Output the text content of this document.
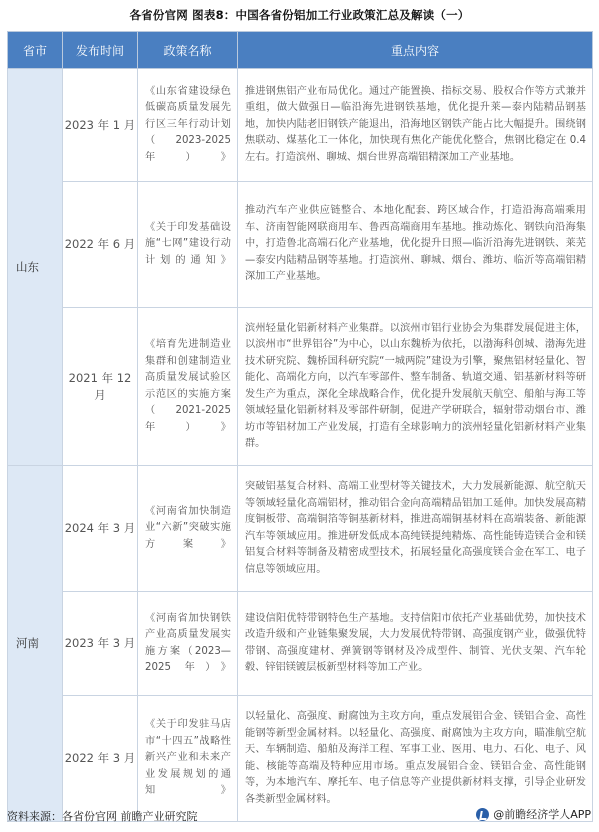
各省份官网 图表8：中国各省份铝加工行业政策汇总及解读（一）
省市	发布时间	政策名称	重点内容
山东	2023 年 1 月	《山东省建设绿色低碳高质量发展先行区三年行动计划（2023-2025 年）》	推进钢焦铝产业布局优化。通过产能置换、指标交易、股权合作等方式兼并重组，做大做强日—临沿海先进钢铁基地，优化提升莱—泰内陆精品钢基地，加快内陆老旧钢铁产能退出，沿海地区钢铁产能占比大幅提升。围绕钢焦联动、煤基化工一体化，加快现有焦化产能优化整合，焦钢比稳定在 0.4 左右。打造滨州、聊城、烟台世界高端铝精深加工产业基地。
	2022 年 6 月	《关于印发基础设施“七网”建设行动计划的通知》	推动汽车产业供应链整合、本地化配套、跨区域合作，打造沿海高端乘用车、济南智能网联商用车、鲁西高端商用车基地。推动炼化、钢铁向沿海集中，打造鲁北高端石化产业基地，优化提升日照—临沂沿海先进钢铁、莱芜—泰安内陆精品钢等基地。打造滨州、聊城、烟台、潍坊、临沂等高端铝精深加工产业基地。
	2021 年 12 月	《培育先进制造业集群和创建制造业高质量发展试验区示范区的实施方案（2021-2025 年）》	滨州轻量化铝新材料产业集群。以滨州市铝行业协会为集群发展促进主体，以滨州市“世界铝谷”为中心，以山东魏桥为依托，以渤海科创城、渤海先进技术研究院、魏桥国科研究院“一城两院”建设为引擎，聚焦铝材轻量化、智能化、高端化方向，以汽车零部件、整车制备、轨道交通、铝基新材料等研发生产为重点，深化全球战略合作，优化提升发展航天航空、船舶与海工等领域轻量化铝新材料及零部件研制，促进产学研联合，辐射带动烟台市、潍坊市等铝材加工产业发展，打造有全球影响力的滨州轻量化铝新材料产业集群。
河南	2024 年 3 月	《河南省加快制造业“六新”突破实施方案》	突破铝基复合材料、高端工业型材等关键技术，大力发展新能源、航空航天等领域轻量化高端铝材，推动铝合金向高端精品铝加工延伸。加快发展高精度铜板带、高端铜箔等铜基新材料，推进高端铜基材料在高端装备、新能源汽车等领域应用。推进研发低成本高纯镁提纯精炼、高性能铸造镁合金和镁铝复合材料等制备及精密成型技术，拓展轻量化高强度镁合金在军工、电子信息等领域应用。
	2023 年 3 月	《河南省加快钢铁产业高质量发展实施方案（2023—2025 年）》	建设信阳优特带钢特色生产基地。支持信阳市依托产业基础优势，加快技术改造升级和产业链集聚发展，大力发展优特带钢、高强度钢产业，做强优特带钢、高强度建材、弹簧钢等钢材及冷成型件、制管、光伏支架、汽车轮毂、锌铝镁镀层板新型材料等加工产业。
	2022 年 3 月	《关于印发驻马店市“十四五”战略性新兴产业和未来产业发展规划的通知》	以轻量化、高强度、耐腐蚀为主攻方向，重点发展铝合金、镁铝合金、高性能钢等新型金属材料。以轻量化、高强度、耐腐蚀为主攻方向，瞄准航空航天、车辆制造、船舶及海洋工程、军事工业、医用、电力、石化、电子、风能、核能等高端及特种应用市场。重点发展铝合金、镁铝合金、高性能钢等，为本地汽车、摩托车、电子信息等产业提供新材料支撑，引导企业研发各类新型金属材料。
资料来源：各省份官网 前瞻产业研究院	@前瞻经济学人APP
